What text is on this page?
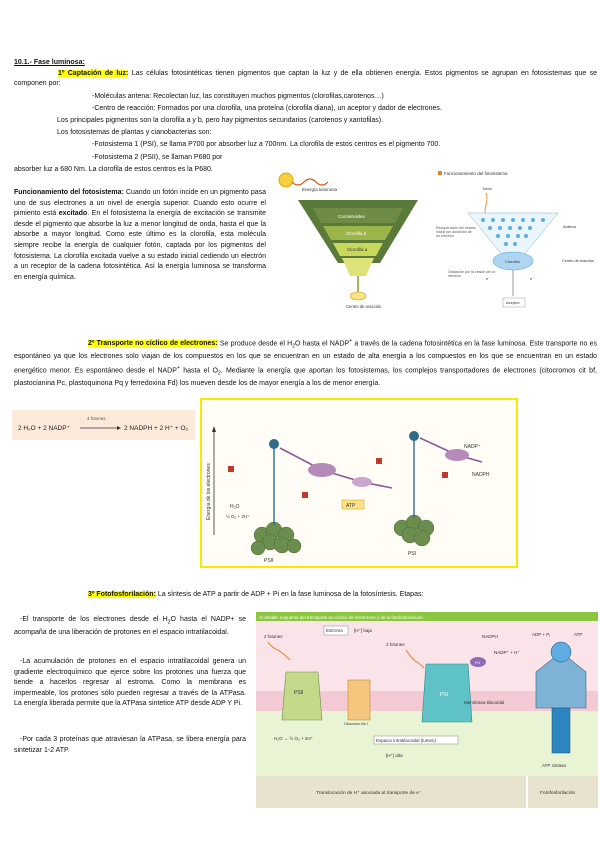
10.1.- Fase luminosa:
1º Captación de luz: Las células fotosintéticas tienen pigmentos que captan la luz y de ella obtienen energía. Estos pigmentos se agrupan en fotosistemas que se componen por:
-Moléculas antena: Recolectan luz, las constituyen muchos pigmentos (clorofilas,carotenos…)
-Centro de reacción: Formados por una clorofila, una proteína (clorofila diana), un aceptor y dador de electrones.
Los principales pigmentos son la clorofila a y b, pero hay pigmentos secundarios (carotenos y xantofilas).
Los fotosistemas de plantas y cianobacterias son:
-Fotosistema 1 (PSI), se llama P700 por absorber luz a 700nm. La clorofila de estos centros es el pigmento 700.
-Fotosistema 2 (PSII), se llaman P680 por
absorber luz a 680 Nm. La clorofila de estos centros es la P680.
Funcionamiento del fotosistema: Cuando un fotón incide en un pigmento pasa uno de sus electrones a un nivel de energía superior. Cuando esto ocurre el pimiento está excitado. En el fotosistema la energía de excitación se transmite desde el pigmento que absorbe la luz a menor longitud de onda, hasta el que la absorbe a mayor longitud. Como este último es la clorofila, esta molécula siempre recibe la energía de cualquier fotón, captada por los pigmentos del fotosistema. La clorofila excitada vuelve a su estado inicial cediendo un electrón a un receptor de la cadena fotosintética. Así la energía luminosa se transforma en energía química.
Energía luminosa
Carotenoides
Clorofila b
Clorofila a
Centro de reacción
Funcionamiento del fotosistema
fotón
Antena
Clorofila	Centro de reacción
Recuperación del estado inicial por donación de un electrón
Oxidación por la cesión de un electrón	e⁻	e⁻
Aceptor
2º Transporte no cíclico de electrones: Se produce desde el $H_2O$ hasta el NADP+ a través de la cadena fotosintética en la fase luminosa. Este transporte no es espontáneo ya que los electrones solo viajan de los compuestos en los que se encuentran en un estado de alta energía a los compuestos en los que se encuentran en un estado energético menor. Es espontáneo desde el NADP+ hasta el $O_2$. Mediante la energía que aportan los fotosistemas, los complejos transportadores de electrones (citocromos cit bf, plastocianina Pc, plastoquinona Pq y ferredoxina Fd) los mueven desde los de mayor energía a los de menor energía.
2 H₂O + 2 NADP⁺
4 fotones
2 NADPH + 2 H⁺ + O₂
Energía de los electrones
PSII
PSI
NADP⁺
NADPH
H₂O
½ O₂ + 2H⁺
ATP
3º Fotofosforilación: La síntesis de ATP a partir de ADP + Pi en la fase luminosa de la fotosíntesis. Etapas:
-El transporte de los electrones desde el $H_2O$ hasta el NADP+ se acompaña de una liberación de protones en el espacio intratilacoidal.
-La acumulación de protones en el espacio intratilacoidal genera un gradiente electroquímico que ejerce sobre los protones una fuerza que tiende a hacerlos regresar al estroma. Como la membrana es impermeable, los protones sólo pueden regresar a través de la ATPasa. La energía liberada permite que la ATPasa sintetice ATP desde ADP Y Pi.
-Por cada 3 proteínas que atraviesan la ATPasa, se libera energía para sintetizar 1-2 ATP.
Al detalle: esquema del transporte no cíclico de electrones y de la fotofosforilación
Estroma [H⁺] baja
2 fotones
2 fotones
PSII
Citocromo b6-f
PSI
Fd
NADPH
NADP⁺ + H⁺
Membrana tilacoidal
Espacio intratilacoidal (lumen)
[H⁺] alta
H₂O → ½ O₂ + 2H⁺
ADP + Pᵢ	ATP
ATP sintasa
Translocación de H⁺ asociada al transporte de e⁻	Fotofosforilación
